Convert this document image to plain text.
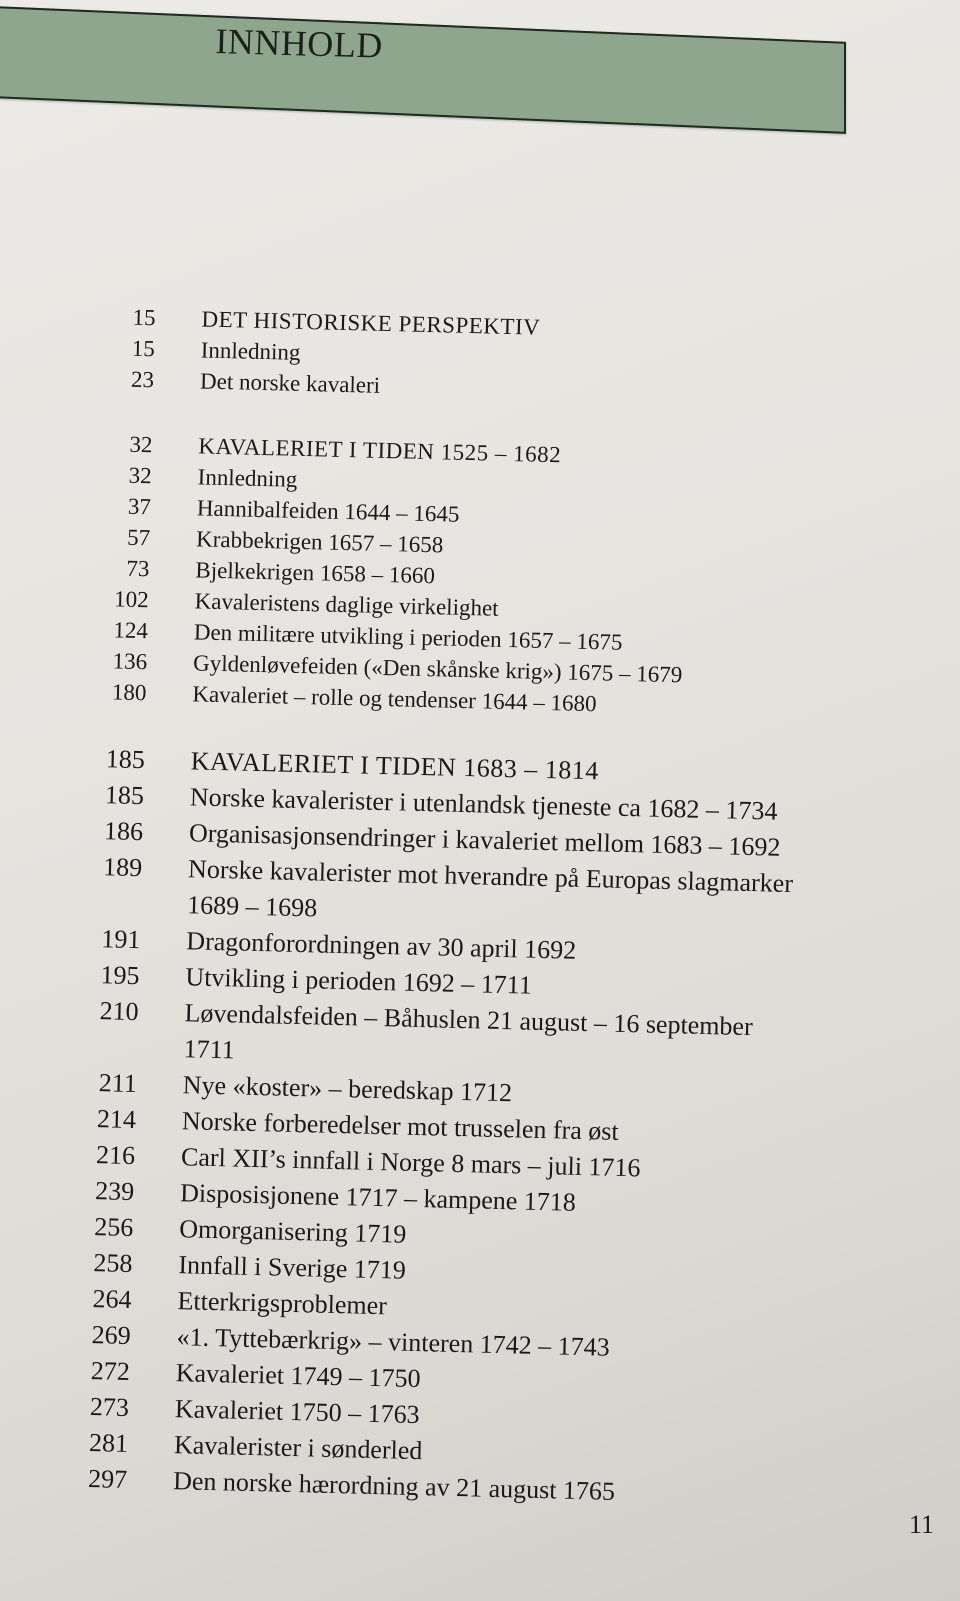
INNHOLD
15	DET HISTORISKE PERSPEKTIV
15	Innledning
23	Det norske kavaleri
32	KAVALERIET I TIDEN 1525 – 1682
32	Innledning
37	Hannibalfeiden 1644 – 1645
57	Krabbekrigen 1657 – 1658
73	Bjelkekrigen 1658 – 1660
102	Kavaleristens daglige virkelighet
124	Den militære utvikling i perioden 1657 – 1675
136	Gyldenløvefeiden («Den skånske krig») 1675 – 1679
180	Kavaleriet – rolle og tendenser 1644 – 1680
185	KAVALERIET I TIDEN 1683 – 1814
185	Norske kavalerister i utenlandsk tjeneste ca 1682 – 1734
186	Organisasjonsendringer i kavaleriet mellom 1683 – 1692
189	Norske kavalerister mot hverandre på Europas slagmarker
1689 – 1698
191	Dragonforordningen av 30 april 1692
195	Utvikling i perioden 1692 – 1711
210	Løvendalsfeiden – Båhuslen 21 august – 16 september
1711
211	Nye «koster» – beredskap 1712
214	Norske forberedelser mot trusselen fra øst
216	Carl XII’s innfall i Norge 8 mars – juli 1716
239	Disposisjonene 1717 – kampene 1718
256	Omorganisering 1719
258	Innfall i Sverige 1719
264	Etterkrigsproblemer
269	«1. Tyttebærkrig» – vinteren 1742 – 1743
272	Kavaleriet 1749 – 1750
273	Kavaleriet 1750 – 1763
281	Kavalerister i sønderled
297	Den norske hærordning av 21 august 1765
11
